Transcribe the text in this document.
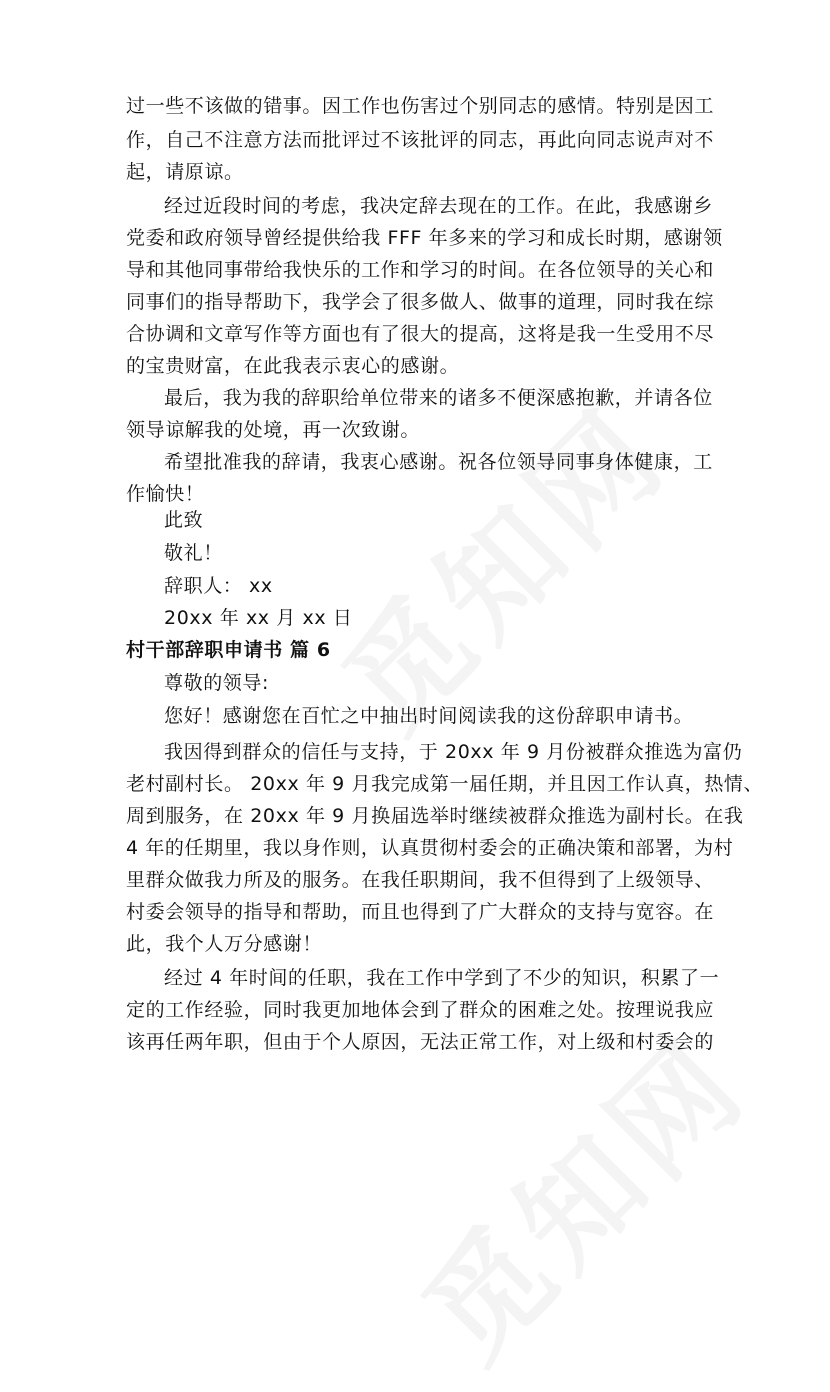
过一些不该做的错事。因工作也伤害过个别同志的感情。特别是因工
作，自己不注意方法而批评过不该批评的同志，再此向同志说声对不
起，请原谅。
经过近段时间的考虑，我决定辞去现在的工作。在此，我感谢乡
党委和政府领导曾经提供给我 FFF 年多来的学习和成长时期，感谢领
导和其他同事带给我快乐的工作和学习的时间。在各位领导的关心和
同事们的指导帮助下，我学会了很多做人、做事的道理，同时我在综
合协调和文章写作等方面也有了很大的提高，这将是我一生受用不尽
的宝贵财富，在此我表示衷心的感谢。
最后，我为我的辞职给单位带来的诸多不便深感抱歉，并请各位
领导谅解我的处境，再一次致谢。
希望批准我的辞请，我衷心感谢。祝各位领导同事身体健康，工
作愉快！
此致
敬礼！
辞职人： xx
20xx 年 xx 月 xx 日
村干部辞职申请书 篇 6
尊敬的领导:
您好！感谢您在百忙之中抽出时间阅读我的这份辞职申请书。
我因得到群众的信任与支持，于 20xx 年 9 月份被群众推选为富仍
老村副村长。 20xx 年 9 月我完成第一届任期，并且因工作认真，热情、
周到服务，在 20xx 年 9 月换届选举时继续被群众推选为副村长。在我
4 年的任期里，我以身作则，认真贯彻村委会的正确决策和部署，为村
里群众做我力所及的服务。在我任职期间，我不但得到了上级领导、
村委会领导的指导和帮助，而且也得到了广大群众的支持与宽容。在
此，我个人万分感谢！
经过 4 年时间的任职，我在工作中学到了不少的知识，积累了一
定的工作经验，同时我更加地体会到了群众的困难之处。按理说我应
该再任两年职，但由于个人原因，无法正常工作，对上级和村委会的
